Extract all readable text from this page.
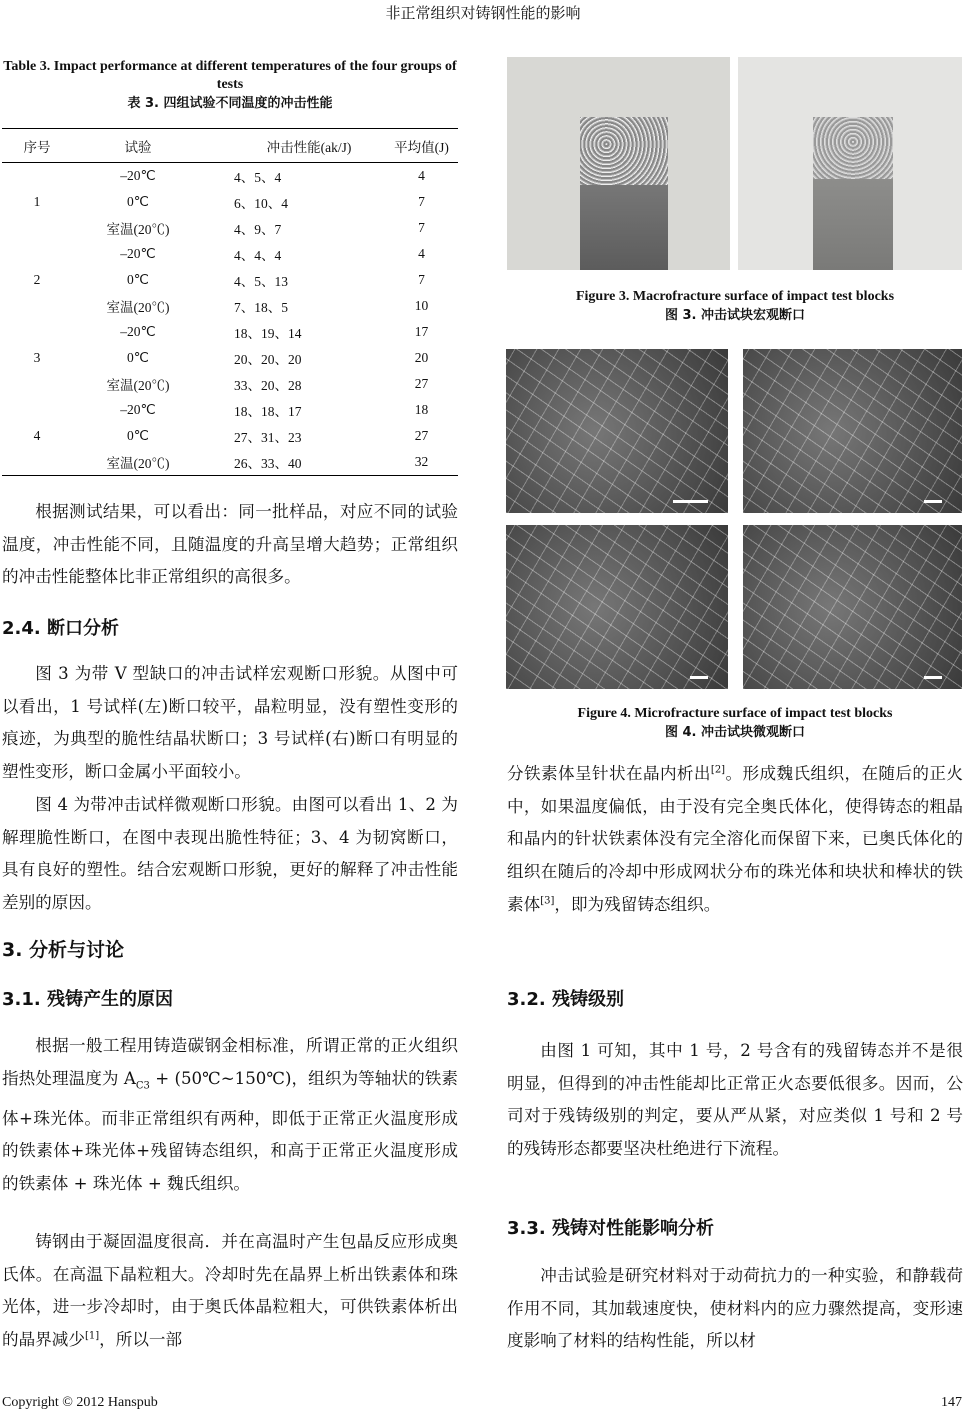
非正常组织对铸钢性能的影响
Table 3. Impact performance at different temperatures of the four groups of tests
表 3. 四组试验不同温度的冲击性能
序号	试验	冲击性能(ak/J)	平均值(J)
	–20℃	4、5、4	4
1	0℃	6、10、4	7
	室温(20℃)	4、9、7	7
	–20℃	4、4、4	4
2	0℃	4、5、13	7
	室温(20℃)	7、18、5	10
	–20℃	18、19、14	17
3	0℃	20、20、20	20
	室温(20℃)	33、20、28	27
	–20℃	18、18、17	18
4	0℃	27、31、23	27
	室温(20℃)	26、33、40	32
根据测试结果，可以看出：同一批样品，对应不同的试验温度，冲击性能不同，且随温度的升高呈增大趋势；正常组织的冲击性能整体比非正常组织的高很多。
2.4. 断口分析
图 3 为带 V 型缺口的冲击试样宏观断口形貌。从图中可以看出，1 号试样(左)断口较平，晶粒明显，没有塑性变形的痕迹，为典型的脆性结晶状断口；3 号试样(右)断口有明显的塑性变形，断口金属小平面较小。
图 4 为带冲击试样微观断口形貌。由图可以看出 1、2 为解理脆性断口，在图中表现出脆性特征；3、4 为韧窝断口，具有良好的塑性。结合宏观断口形貌，更好的解释了冲击性能差别的原因。
3. 分析与讨论
3.1. 残铸产生的原因
根据一般工程用铸造碳钢金相标准，所谓正常的正火组织指热处理温度为 $A_{C3}$ + (50℃~150℃)，组织为等轴状的铁素体+珠光体。而非正常组织有两种，即低于正常正火温度形成的铁素体+珠光体+残留铸态组织，和高于正常正火温度形成的铁素体 + 珠光体 + 魏氏组织。
铸钢由于凝固温度很高．并在高温时产生包晶反应形成奥氏体。在高温下晶粒粗大。冷却时先在晶界上析出铁素体和珠光体，进一步冷却时，由于奥氏体晶粒粗大，可供铁素体析出的晶界减少[1]，所以一部
Figure 3. Macrofracture surface of impact test blocks
图 3. 冲击试块宏观断口
Figure 4. Microfracture surface of impact test blocks
图 4. 冲击试块微观断口
分铁素体呈针状在晶内析出[2]。形成魏氏组织，在随后的正火中，如果温度偏低，由于没有完全奥氏体化，使得铸态的粗晶和晶内的针状铁素体没有完全溶化而保留下来，已奥氏体化的组织在随后的冷却中形成网状分布的珠光体和块状和棒状的铁素体[3]，即为残留铸态组织。
3.2. 残铸级别
由图 1 可知，其中 1 号，2 号含有的残留铸态并不是很明显，但得到的冲击性能却比正常正火态要低很多。因而，公司对于残铸级别的判定，要从严从紧，对应类似 1 号和 2 号的残铸形态都要坚决杜绝进行下流程。
3.3. 残铸对性能影响分析
冲击试验是研究材料对于动荷抗力的一种实验，和静载荷作用不同，其加载速度快，使材料内的应力骤然提高，变形速度影响了材料的结构性能，所以材
Copyright © 2012 Hanspub	147
